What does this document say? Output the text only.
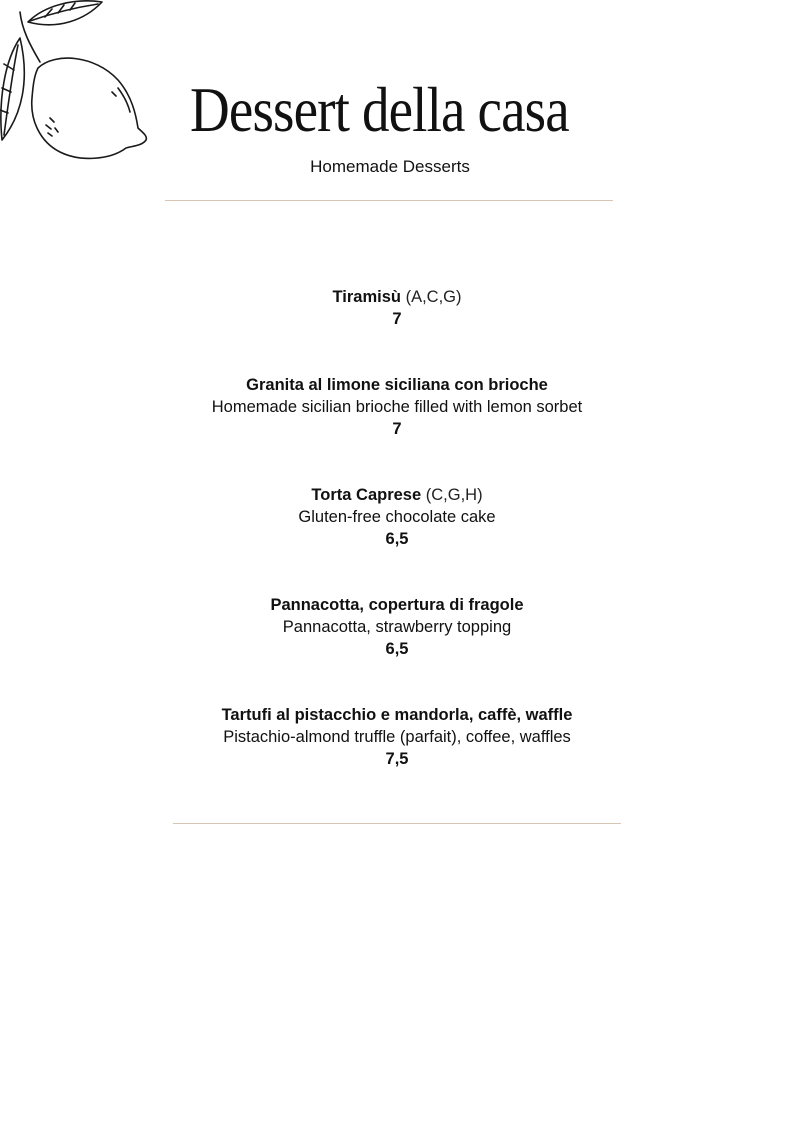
Dessert della casa
Homemade Desserts
Tiramisù (A,C,G)
7
Granita al limone siciliana con brioche
Homemade sicilian brioche filled with lemon sorbet
7
Torta Caprese (C,G,H)
Gluten-free chocolate cake
6,5
Pannacotta, copertura di fragole
Pannacotta, strawberry topping
6,5
Tartufi al pistacchio e mandorla, caffè, waffle
Pistachio-almond truffle (parfait), coffee, waffles
7,5
